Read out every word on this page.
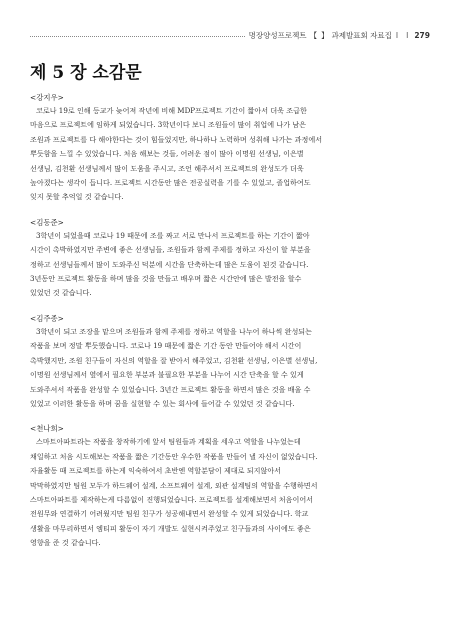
명장양성프로젝트 【 】 과제발표회 자료집 I I 279
제 5 장 소감문
<강지우>
코로나 19로 인해 등교가 늦어져 작년에 비해 MDP프로젝트 기간이 짧아서 더욱 조급한
마음으로 프로젝트에 임하게 되었습니다. 3학년이다 보니 조원들이 많이 취업에 나가 남은
조원과 프로젝트를 다 해야한다는 것이 힘들었지만, 하나하나 노력하며 성취해 나가는 과정에서
뿌듯함을 느낄 수 있었습니다. 처음 해보는 것들, 어려운 점이 많아 이명원 선생님, 이은별
선생님, 김천환 선생님께서 많이 도움을 주시고, 조언 해주셔서 프로젝트의 완성도가 더욱
높아졌다는 생각이 듭니다. 프로젝트 시간동안 많은 전공실력을 기를 수 있었고, 졸업하여도
잊지 못할 추억일 것 같습니다.
<김동준>
3학년이 되었을때 코로나 19 때문에 조를 짜고 서로 만나서 프로젝트를 하는 기간이 짧아
시간이 촉박하였지만 주변에 좋은 선생님들, 조원들과 함께 주제를 정하고 자신이 할 부분을
정하고 선생님들께서 많이 도와주신 덕분에 시간을 단축하는데 많은 도움이 된것 같습니다.
3년동안 프로젝트 활동을 하며 많을 것을 만들고 배우며 짧은 시간안에 많은 발전을 할수
있었던 것 같습니다.
<김주종>
3학년이 되고 조장을 맡으며 조원들과 함께 주제를 정하고 역할을 나누어 하나씩 완성되는
작품을 보며 정말 뿌듯했습니다. 코로나 19 때문에 짧은 기간 동안 만들어야 해서 시간이
촉박했지만, 조원 친구들이 자신의 역할을 잘 받아서 해주었고, 김천환 선생님, 이은별 선생님,
이명원 선생님께서 옆에서 필요한 부분과 불필요한 부분을 나누어 시간 단축을 할 수 있게
도와주셔서 작품을 완성할 수 있었습니다. 3년간 프로젝트 활동을 하면서 많은 것을 배울 수
있었고 이러한 활동을 하며 꿈을 실현할 수 있는 회사에 들어갈 수 있었던 것 같습니다.
<천나희>
스마트아파트라는 작품을 창작하기에 앞서 팀원들과 계획을 세우고 역할을 나누었는데
채일하고 처음 시도해보는 작품을 짧은 기간동안 우수한 작품을 만들어 낼 자신이 없었습니다.
자율활동 때 프로젝트를 하는게 익숙하여서 초반엔 역할분담이 제대로 되지않아서
막막하였지만 팀원 모두가 하드웨어 설계, 소프트웨어 설계, 외관 설계팀의 역할을 수행하면서
스마트아파트를 제작하는게 다름없이 진행되었습니다. 프로젝트를 설계해보면서 처음이어서
전원무와 연결하기 어려웠지만 팀원 친구가 성공해내면서 완성할 수 있게 되었습니다. 학교
생활을 마무리하면서 엠티피 활동이 자기 개발도 실현시켜주었고 친구들과의 사이에도 좋은
영향을 준 것 같습니다.
